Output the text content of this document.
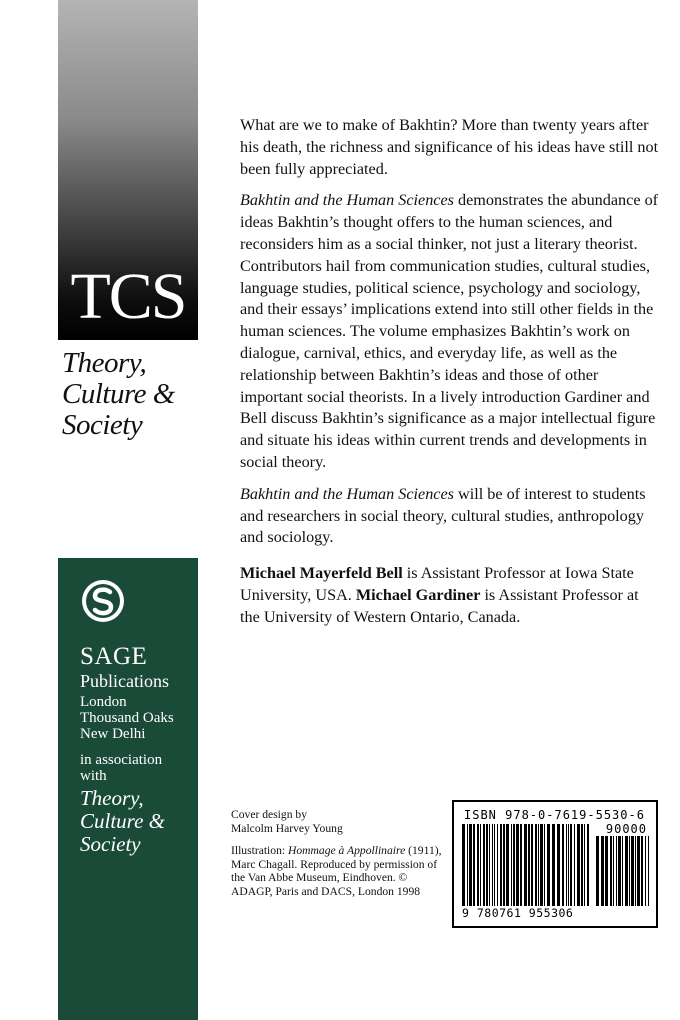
TCS
Theory,
Culture &
Society
SAGE
Publications
London
Thousand Oaks
New Delhi
in association
with
Theory,
Culture &
Society

What are we to make of Bakhtin? More than twenty years after his death, the richness and significance of his ideas have still not been fully appreciated.

Bakhtin and the Human Sciences demonstrates the abundance of ideas Bakhtin’s thought offers to the human sciences, and reconsiders him as a social thinker, not just a literary theorist. Contributors hail from communication studies, cultural studies, language studies, political science, psychology and sociology, and their essays’ implications extend into still other fields in the human sciences. The volume emphasizes Bakhtin’s work on dialogue, carnival, ethics, and everyday life, as well as the relationship between Bakhtin’s ideas and those of other important social theorists. In a lively introduction Gardiner and Bell discuss Bakhtin’s significance as a major intellectual figure and situate his ideas within current trends and developments in social theory.

Bakhtin and the Human Sciences will be of interest to students and researchers in social theory, cultural studies, anthropology and sociology.

Michael Mayerfeld Bell is Assistant Professor at Iowa State University, USA. Michael Gardiner is Assistant Professor at the University of Western Ontario, Canada.

Cover design by
Malcolm Harvey Young

Illustration: Hommage à Appollinaire (1911), Marc Chagall. Reproduced by permission of the Van Abbe Museum, Eindhoven. © ADAGP, Paris and DACS, London 1998

ISBN 978-0-7619-5530-6
90000
9 780761 955306
